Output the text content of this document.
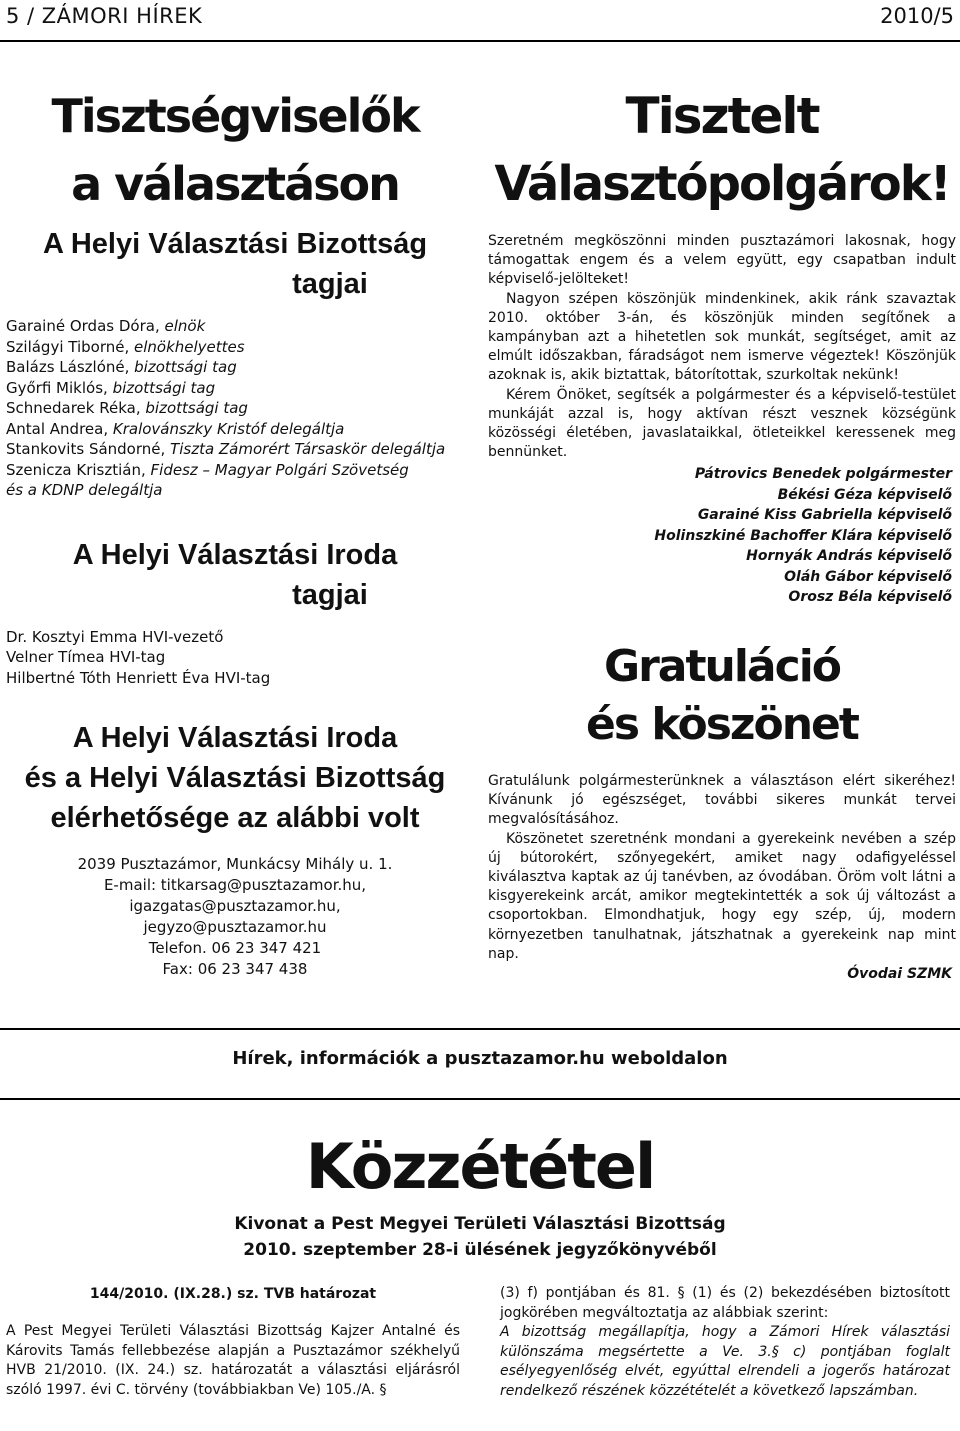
5 / ZÁMORI HÍREK	2010/5
Tisztségviselők
a választáson

A Helyi Választási Bizottság

tagjai

Garainé Ordas Dóra, elnök
Szilágyi Tiborné, elnökhelyettes
Balázs Lászlóné, bizottsági tag
Győrfi Miklós, bizottsági tag
Schnedarek Réka, bizottsági tag
Antal Andrea, Kralovánszky Kristóf delegáltja
Stankovits Sándorné, Tiszta Zámorért Társaskör delegáltja
Szenicza Krisztián, Fidesz – Magyar Polgári Szövetség
és a KDNP delegáltja

A Helyi Választási Iroda

tagjai

Dr. Kosztyi Emma HVI-vezető
Velner Tímea HVI-tag
Hilbertné Tóth Henriett Éva HVI-tag

A Helyi Választási Iroda

és a Helyi Választási Bizottság

elérhetősége az alábbi volt

2039 Pusztazámor, Munkácsy Mihály u. 1.
E-mail: titkarsag@pusztazamor.hu, igazgatas@pusztazamor.hu,
jegyzo@pusztazamor.hu
Telefon. 06 23 347 421
Fax: 06 23 347 438
Tisztelt
Választópolgárok!

Szeretném megköszönni minden pusztazámori lakosnak, hogy támogattak engem és a velem együtt, egy csapatban indult képviselő-jelölteket!

Nagyon szépen köszönjük mindenkinek, akik ránk szavaztak 2010. október 3-án, és köszönjük minden segítőnek a kampányban azt a hihetetlen sok munkát, segítséget, amit az elmúlt időszakban, fáradságot nem ismerve végeztek! Köszönjük azoknak is, akik biztattak, bátorítottak, szurkoltak nekünk!

Kérem Önöket, segítsék a polgármester és a képviselő-testület munkáját azzal is, hogy aktívan részt vesznek községünk közösségi életében, javaslataikkal, ötleteikkel keressenek meg bennünket.

Pátrovics Benedek polgármester
Békési Géza képviselő
Garainé Kiss Gabriella képviselő
Holinszkiné Bachoffer Klára képviselő
Hornyák András képviselő
Oláh Gábor képviselő
Orosz Béla képviselő
Gratuláció
és köszönet

Gratulálunk polgármesterünknek a választáson elért sikeréhez! Kívánunk jó egészséget, további sikeres munkát tervei megvalósításához.

Köszönetet szeretnénk mondani a gyerekeink nevében a szép új bútorokért, szőnyegekért, amiket nagy odafigyeléssel kiválasztva kaptak az új tanévben, az óvodában. Öröm volt látni a kisgyerekeink arcát, amikor megtekintették a sok új változást a csoportokban. Elmondhatjuk, hogy egy szép, új, modern környezetben tanulhatnak, játszhatnak a gyerekeink nap mint nap.

Óvodai SZMK
Hírek, információk a pusztazamor.hu weboldalon
Közzététel
Kivonat a Pest Megyei Területi Választási Bizottság
2010. szeptember 28-i ülésének jegyzőkönyvéből
144/2010. (IX.28.) sz. TVB határozat

A Pest Megyei Területi Választási Bizottság Kajzer Antalné és Károvits Tamás fellebbezése alapján a Pusztazámor székhelyű HVB 21/2010. (IX. 24.) sz. határozatát a választási eljárásról szóló 1997. évi C. törvény (továbbiakban Ve) 105./A. §

(3) f) pontjában és 81. § (1) és (2) bekezdésében biztosított jogkörében megváltoztatja az alábbiak szerint:

A bizottság megállapítja, hogy a Zámori Hírek választási különszáma megsértette a Ve. 3.§ c) pontjában foglalt esélyegyenlőség elvét, egyúttal elrendeli a jogerős határozat rendelkező részének közzétételét a következő lapszámban.
